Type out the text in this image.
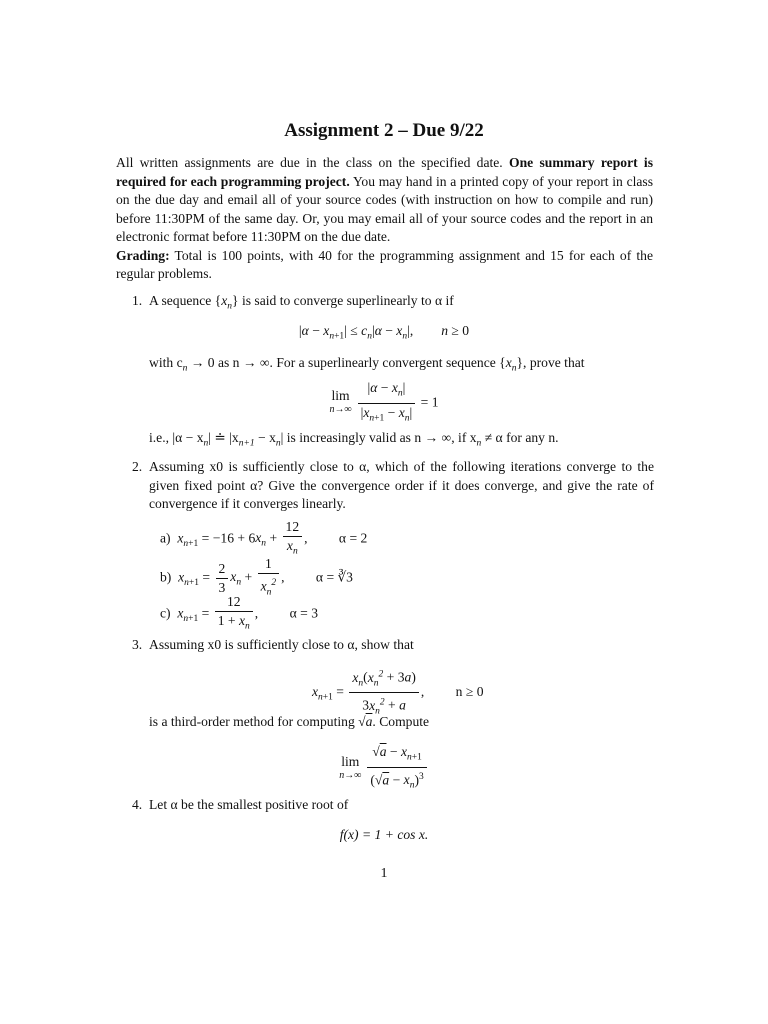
Assignment 2 – Due 9/22

All written assignments are due in the class on the specified date. One summary report is required for each programming project. You may hand in a printed copy of your report in class on the due day and email all of your source codes (with instruction on how to compile and run) before 11:30PM of the same day. Or, you may email all of your source codes and the report in an electronic format before 11:30PM on the due date.
Grading: Total is 100 points, with 40 for the programming assignment and 15 for each of the regular problems.

1. A sequence $\{x_n\}$ is said to converge superlinearly to α if
$|\alpha - x_{n+1}| \le c_n|\alpha - x_n|$, n ≥ 0
with $c_n \to 0$ as n → ∞. For a superlinearly convergent sequence $\{x_n\}$, prove that
lim
$n\to\infty \frac{|\alpha - x_n|}{|x_{n+1} - x_n|} = 1$
i.e., $|\alpha - x_n|$ ≐ $|x_{n+1} - x_n|$ is increasingly valid as n → ∞, if $x_n \ne \alpha$ for any n.
2. Assuming x0 is sufficiently close to α, which of the following iterations converge to the given fixed point α? Give the convergence order if it does converge, and give the rate of convergence if it converges linearly.
a) $x_{n+1} = -16 + 6x_n + \frac{12}{x_n}$ , α = 2
b) $x_{n+1} = \frac{2}{3} x_n + \frac{1}{x_n^2}$ , α = ∛3
c) $x_{n+1} = \frac{12}{1 + x_n}$ , α = 3
3. Assuming x0 is sufficiently close to α, show that
$x_{n+1} = \frac{x_n(x_n^2 + 3a)}{3x_n^2 + a}$ , n ≥ 0
is a third-order method for computing √a. Compute
lim
$n\to\infty \frac{√a - x_{n+1}}{(√a - x_n)^3}$
4. Let α be the smallest positive root of
f(x) = 1 + cos x.
1
